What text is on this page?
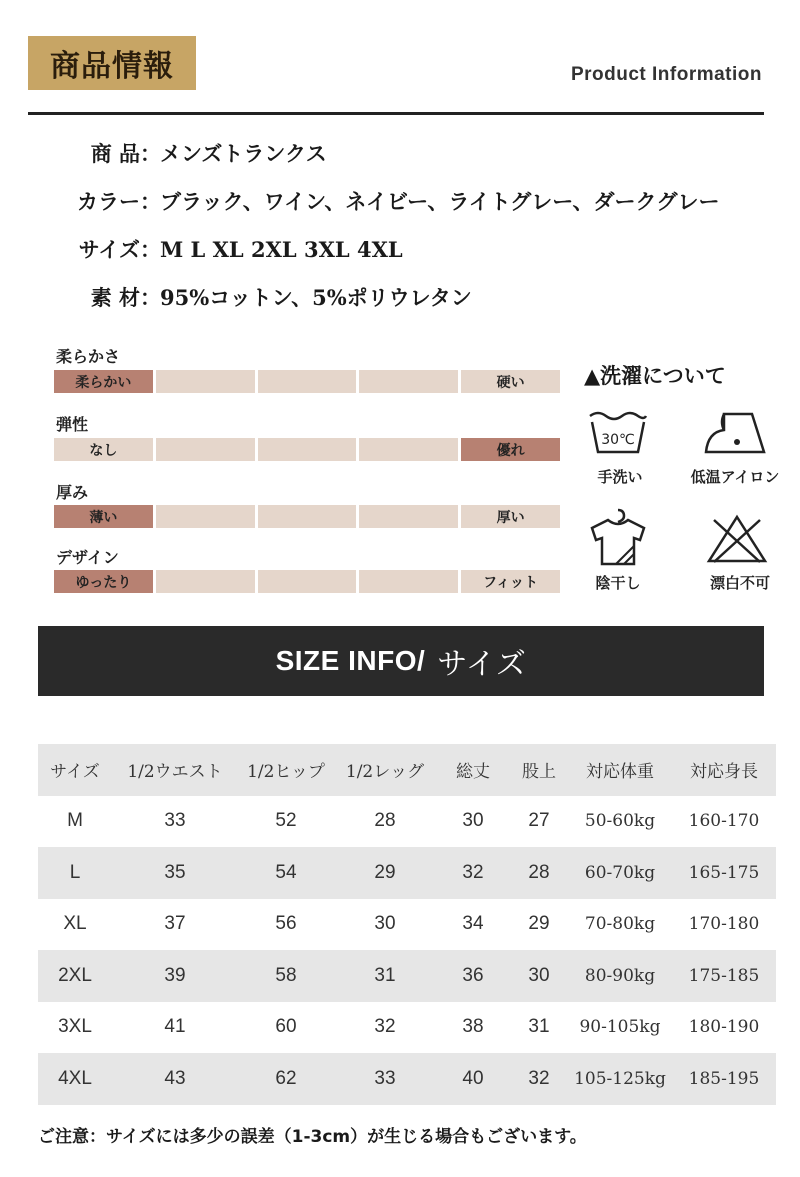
商品情報	Product Information
商 品 ： メンズトランクス
カラー ： ブラック、ワイン、ネイビー、ライトグレー、ダークグレー
サイズ ： M L XL 2XL 3XL 4XL
素 材 ： 95%コットン、5%ポリウレタン
柔らかさ
柔らかい	硬い
弾性
なし	優れ
厚み
薄い	厚い
デザイン
ゆったり	フィット
▲洗濯について
30℃
手洗い	低温アイロン
陰干し	漂白不可
SIZE INFO/ サイズ
サイズ	1/2ウエスト	1/2ヒップ	1/2レッグ	総丈	股上	対応体重	対応身長
M	33	52	28	30	27	50-60kg	160-170
L	35	54	29	32	28	60-70kg	165-175
XL	37	56	30	34	29	70-80kg	170-180
2XL	39	58	31	36	30	80-90kg	175-185
3XL	41	60	32	38	31	90-105kg	180-190
4XL	43	62	33	40	32	105-125kg	185-195
ご注意：サイズには多少の誤差（1-3cm）が生じる場合もございます。
